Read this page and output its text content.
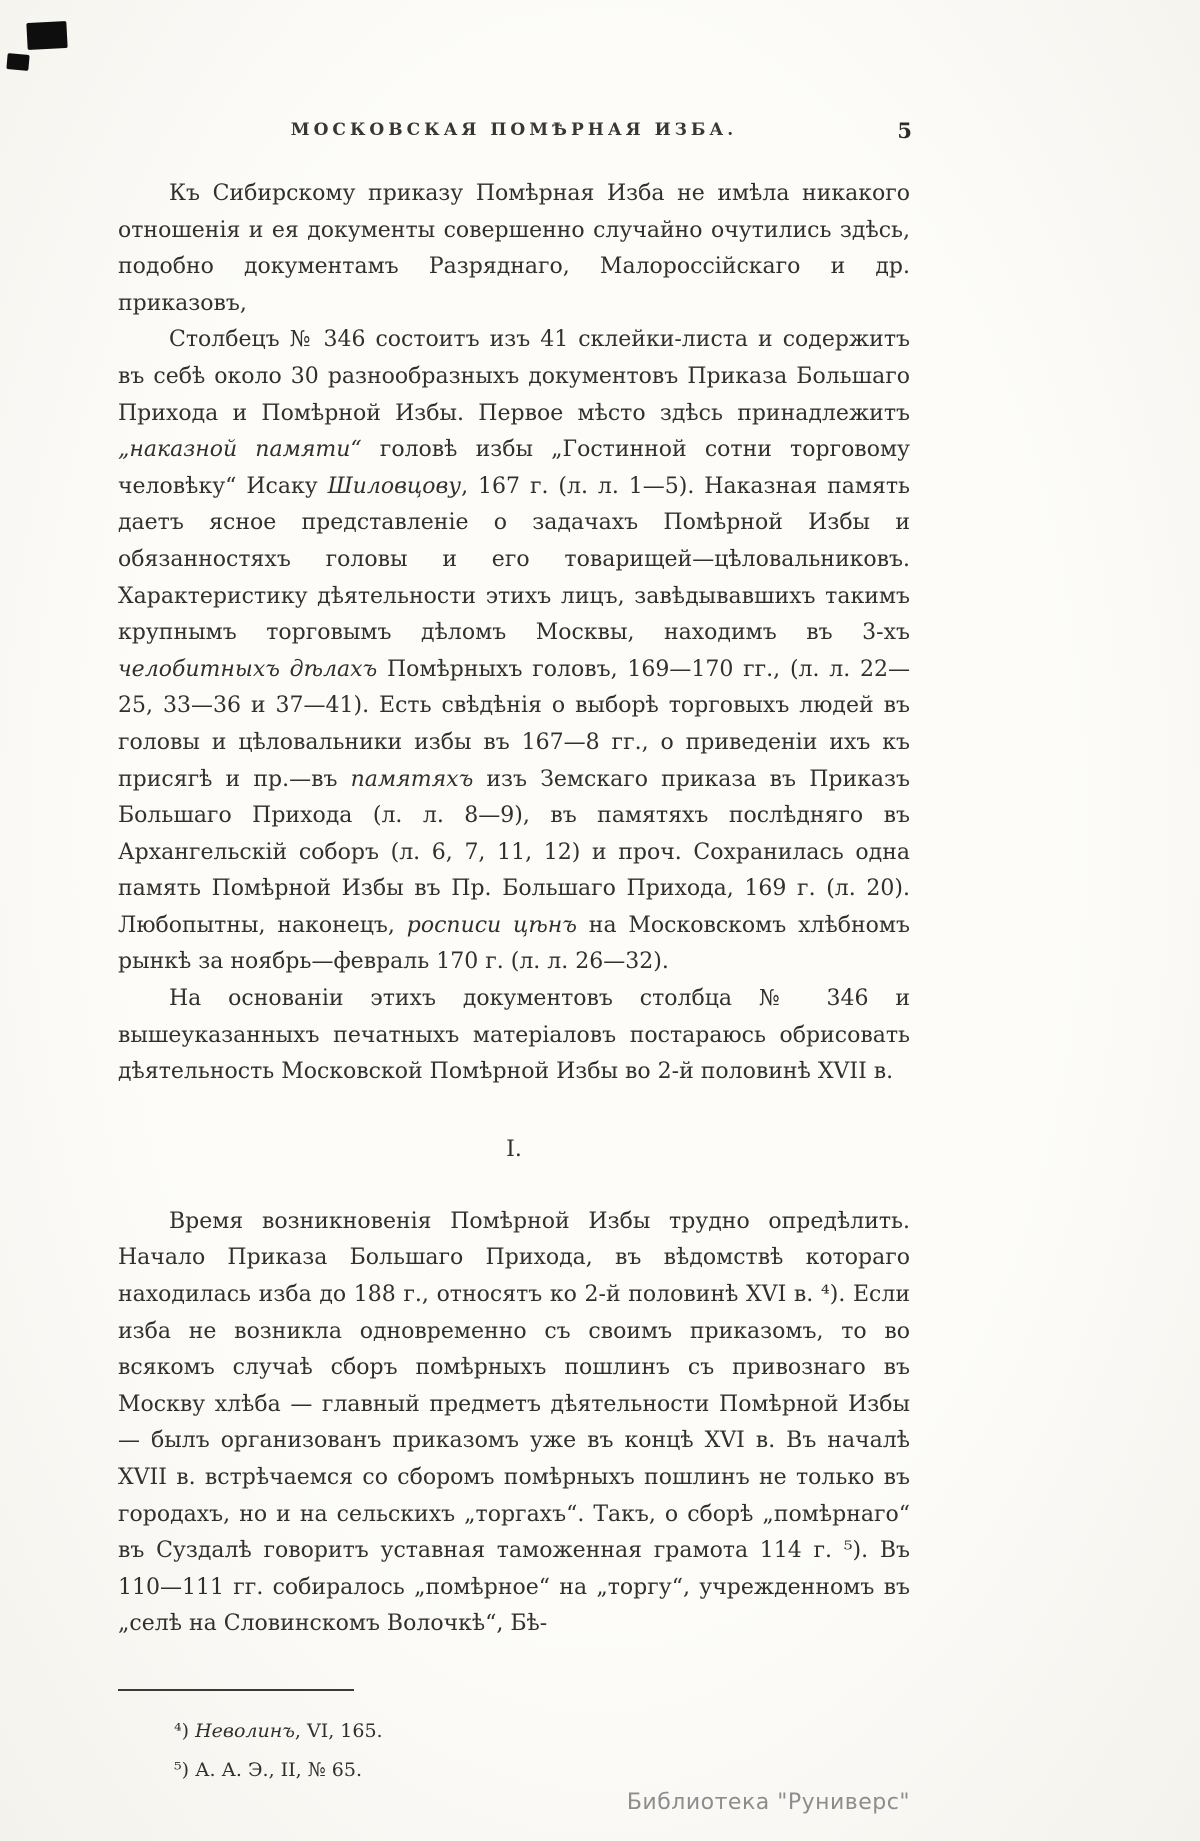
МОСКОВСКАЯ ПОМѢРНАЯ ИЗБА.	5

Къ Сибирскому приказу Помѣрная Изба не имѣла никакого отношенія и ея документы совершенно случайно очутились здѣсь, подобно документамъ Разряднаго, Малороссійскаго и др. приказовъ,

Столбецъ № 346 состоитъ изъ 41 склейки-листа и содержитъ въ себѣ около 30 разнообразныхъ документовъ Приказа Большаго Прихода и Помѣрной Избы. Первое мѣсто здѣсь принадлежитъ „наказной памяти“ головѣ избы „Гостинной сотни торговому человѣку“ Исаку Шиловцову, 167 г. (л. л. 1—5). Наказная память даетъ ясное представленіе о задачахъ Помѣрной Избы и обязанностяхъ головы и его товарищей—цѣловальниковъ. Характеристику дѣятельности этихъ лицъ, завѣдывавшихъ такимъ крупнымъ торговымъ дѣломъ Москвы, находимъ въ 3-хъ челобитныхъ дѣлахъ Помѣрныхъ головъ, 169—170 гг., (л. л. 22—25, 33—36 и 37—41). Есть свѣдѣнія о выборѣ торговыхъ людей въ головы и цѣловальники избы въ 167—8 гг., о приведеніи ихъ къ присягѣ и пр.—въ памятяхъ изъ Земскаго приказа въ Приказъ Большаго Прихода (л. л. 8—9), въ памятяхъ послѣдняго въ Архангельскій соборъ (л. 6, 7, 11, 12) и проч. Сохранилась одна память Помѣрной Избы въ Пр. Большаго Прихода, 169 г. (л. 20). Любопытны, наконецъ, росписи цѣнъ на Московскомъ хлѣбномъ рынкѣ за ноябрь—февраль 170 г. (л. л. 26—32).

На основаніи этихъ документовъ столбца № 346 и вышеуказанныхъ печатныхъ матеріаловъ постараюсь обрисовать дѣятельность Московской Помѣрной Избы во 2-й половинѣ XVII в.

I.

Время возникновенія Помѣрной Избы трудно опредѣлить. Начало Приказа Большаго Прихода, въ вѣдомствѣ котораго находилась изба до 188 г., относятъ ко 2-й половинѣ XVI в. ⁴). Если изба не возникла одновременно съ своимъ приказомъ, то во всякомъ случаѣ сборъ помѣрныхъ пошлинъ съ привознаго въ Москву хлѣба — главный предметъ дѣятельности Помѣрной Избы — былъ организованъ приказомъ уже въ концѣ XVI в. Въ началѣ XVII в. встрѣчаемся со сборомъ помѣрныхъ пошлинъ не только въ городахъ, но и на сельскихъ „торгахъ“. Такъ, о сборѣ „помѣрнаго“ въ Суздалѣ говоритъ уставная таможенная грамота 114 г. ⁵). Въ 110—111 гг. собиралось „помѣрное“ на „торгу“, учрежденномъ въ „селѣ на Словинскомъ Волочкѣ“, Бѣ-

⁴) Неволинъ, VI, 165.

⁵) А. А. Э., II, № 65.

Библиотека "Руниверс"
